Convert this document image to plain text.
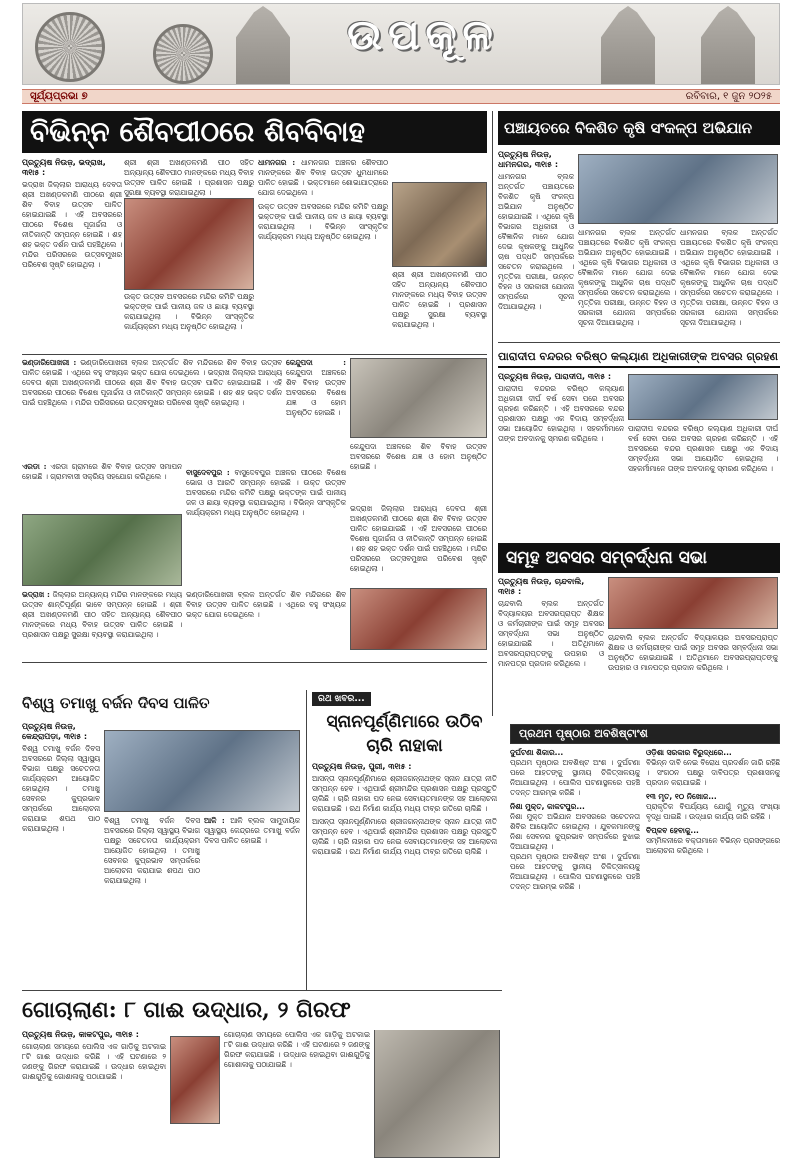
ଉପକୂଳ
ସୂର୍ଯ୍ୟପ୍ରଭା ୭	ରବିବାର, ୧ ଜୁନ ୨୦୨୫
ବିଭିନ୍ନ ଶୈବପୀଠରେ ଶିବବିବାହ
ପ୍ରତ୍ୟୁଷ ନିଉଜ଼, ଭଦ୍ରାଖ, ୩୧ା୫ :
ଭଦ୍ରାଖ ଜିଲ୍ଲାର ଆରାଧ୍ୟ ଦେବତା ଶ୍ରୀ ଅଖଣ୍ଡଳମଣି ପୀଠରେ ଶ୍ରୀ ଶିବ ବିବାହ ଉତ୍ସବ ପାଳିତ ହୋଇଯାଇଛି । ଏହି ଅବସରରେ ପୀଠରେ ବିଶେଷ ପୂଜାର୍ଚ୍ଚନା ଓ ନୀତିକାନ୍ତି ସମ୍ପନ୍ନ ହୋଇଛି । ଶହ ଶହ ଭକ୍ତ ଦର୍ଶନ ପାଇଁ ପହଞ୍ଚିଥିଲେ । ମନ୍ଦିର ପରିସରରେ ଉତ୍ସବମୁଖର ପରିବେଶ ସୃଷ୍ଟି ହୋଇଥିଲା ।
ଶ୍ରୀ ଶ୍ରୀ ଅଖଣ୍ଡଳମଣି ପୀଠ ସହିତ ଅନ୍ୟାନ୍ୟ ଶୈବପୀଠ ମାନଙ୍କରେ ମଧ୍ୟ ବିବାହ ଉତ୍ସବ ପାଳିତ ହୋଇଛି । ପ୍ରଶାସନ ପକ୍ଷରୁ ସୁରକ୍ଷା ବ୍ୟବସ୍ଥା କରାଯାଇଥିଲା ।
ଉକ୍ତ ଉତ୍ସବ ଅବସରରେ ମନ୍ଦିର କମିଟି ପକ୍ଷରୁ ଭକ୍ତଙ୍କ ପାଇଁ ପାନୀୟ ଜଳ ଓ ଛାୟା ବ୍ୟବସ୍ଥା କରାଯାଇଥିଲା । ବିଭିନ୍ନ ସାଂସ୍କୃତିକ କାର୍ଯ୍ୟକ୍ରମ ମଧ୍ୟ ଅନୁଷ୍ଠିତ ହୋଇଥିଲା ।
ଧାମନଗର : ଧାମନଗର ଅଞ୍ଚଳର ଶୈବପୀଠ ମାନଙ୍କରେ ଶିବ ବିବାହ ଉତ୍ସବ ଧୁମଧାମରେ ପାଳିତ ହୋଇଛି । ଭକ୍ତମାନେ ଶୋଭାଯାତ୍ରାରେ ଯୋଗ ଦେଇଥିଲେ ।
ଉକ୍ତ ଉତ୍ସବ ଅବସରରେ ମନ୍ଦିର କମିଟି ପକ୍ଷରୁ ଭକ୍ତଙ୍କ ପାଇଁ ପାନୀୟ ଜଳ ଓ ଛାୟା ବ୍ୟବସ୍ଥା କରାଯାଇଥିଲା । ବିଭିନ୍ନ ସାଂସ୍କୃତିକ କାର୍ଯ୍ୟକ୍ରମ ମଧ୍ୟ ଅନୁଷ୍ଠିତ ହୋଇଥିଲା ।
ଶ୍ରୀ ଶ୍ରୀ ଅଖଣ୍ଡଳମଣି ପୀଠ ସହିତ ଅନ୍ୟାନ୍ୟ ଶୈବପୀଠ ମାନଙ୍କରେ ମଧ୍ୟ ବିବାହ ଉତ୍ସବ ପାଳିତ ହୋଇଛି । ପ୍ରଶାସନ ପକ୍ଷରୁ ସୁରକ୍ଷା ବ୍ୟବସ୍ଥା କରାଯାଇଥିଲା ।
ଭଣ୍ଡାରିପୋଖରୀ : ଭଣ୍ଡାରିପୋଖରୀ ବ୍ଲକ ଅନ୍ତର୍ଗତ ଶିବ ମନ୍ଦିରରେ ଶିବ ବିବାହ ଉତ୍ସବ ପାଳିତ ହୋଇଛି । ଏଥିରେ ବହୁ ସଂଖ୍ୟକ ଭକ୍ତ ଯୋଗ ଦେଇଥିଲେ । ଭଦ୍ରାଖ ଜିଲ୍ଲାର ଆରାଧ୍ୟ ଦେବତା ଶ୍ରୀ ଅଖଣ୍ଡଳମଣି ପୀଠରେ ଶ୍ରୀ ଶିବ ବିବାହ ଉତ୍ସବ ପାଳିତ ହୋଇଯାଇଛି । ଏହି ଅବସରରେ ପୀଠରେ ବିଶେଷ ପୂଜାର୍ଚ୍ଚନା ଓ ନୀତିକାନ୍ତି ସମ୍ପନ୍ନ ହୋଇଛି । ଶହ ଶହ ଭକ୍ତ ଦର୍ଶନ ପାଇଁ ପହଞ୍ଚିଥିଲେ । ମନ୍ଦିର ପରିସରରେ ଉତ୍ସବମୁଖର ପରିବେଶ ସୃଷ୍ଟି ହୋଇଥିଲା ।
କେନ୍ଦୁପଦା : କେନ୍ଦୁପଦା ଅଞ୍ଚଳରେ ଶିବ ବିବାହ ଉତ୍ସବ ଅବସରରେ ବିଶେଷ ଯଜ୍ଞ ଓ ହୋମ ଅନୁଷ୍ଠିତ ହୋଇଛି ।
କେନ୍ଦୁପଦା ଅଞ୍ଚଳରେ ଶିବ ବିବାହ ଉତ୍ସବ ଅବସରରେ ବିଶେଷ ଯଜ୍ଞ ଓ ହୋମ ଅନୁଷ୍ଠିତ ହୋଇଛି ।
ଏରଡା : ଏରଡା ଗ୍ରାମରେ ଶିବ ବିବାହ ଉତ୍ସବ ସମାପନ ହୋଇଛି । ଗ୍ରାମବାସୀ ସକ୍ରିୟ ସହଯୋଗ କରିଥିଲେ ।
ଭଦ୍ରାଖ : ଜିଲ୍ଲାର ଅନ୍ୟାନ୍ୟ ମନ୍ଦିର ମାନଙ୍କରେ ମଧ୍ୟ ଉତ୍ସବ ଶାନ୍ତିପୂର୍ଣ୍ଣ ଭାବେ ସମ୍ପନ୍ନ ହୋଇଛି । ଶ୍ରୀ ଶ୍ରୀ ଅଖଣ୍ଡଳମଣି ପୀଠ ସହିତ ଅନ୍ୟାନ୍ୟ ଶୈବପୀଠ ମାନଙ୍କରେ ମଧ୍ୟ ବିବାହ ଉତ୍ସବ ପାଳିତ ହୋଇଛି । ପ୍ରଶାସନ ପକ୍ଷରୁ ସୁରକ୍ଷା ବ୍ୟବସ୍ଥା କରାଯାଇଥିଲା ।
ବାସୁଦେବପୁର : ବାସୁଦେବପୁର ଅଞ୍ଚଳର ପୀଠରେ ବିଶେଷ ଭୋଗ ଓ ଆରତି ସମ୍ପନ୍ନ ହୋଇଛି । ଉକ୍ତ ଉତ୍ସବ ଅବସରରେ ମନ୍ଦିର କମିଟି ପକ୍ଷରୁ ଭକ୍ତଙ୍କ ପାଇଁ ପାନୀୟ ଜଳ ଓ ଛାୟା ବ୍ୟବସ୍ଥା କରାଯାଇଥିଲା । ବିଭିନ୍ନ ସାଂସ୍କୃତିକ କାର୍ଯ୍ୟକ୍ରମ ମଧ୍ୟ ଅନୁଷ୍ଠିତ ହୋଇଥିଲା ।	ଭଦ୍ରାଖ ଜିଲ୍ଲାର ଆରାଧ୍ୟ ଦେବତା ଶ୍ରୀ ଅଖଣ୍ଡଳମଣି ପୀଠରେ ଶ୍ରୀ ଶିବ ବିବାହ ଉତ୍ସବ ପାଳିତ ହୋଇଯାଇଛି । ଏହି ଅବସରରେ ପୀଠରେ ବିଶେଷ ପୂଜାର୍ଚ୍ଚନା ଓ ନୀତିକାନ୍ତି ସମ୍ପନ୍ନ ହୋଇଛି । ଶହ ଶହ ଭକ୍ତ ଦର୍ଶନ ପାଇଁ ପହଞ୍ଚିଥିଲେ । ମନ୍ଦିର ପରିସରରେ ଉତ୍ସବମୁଖର ପରିବେଶ ସୃଷ୍ଟି ହୋଇଥିଲା ।
ଭଣ୍ଡାରିପୋଖରୀ ବ୍ଲକ ଅନ୍ତର୍ଗତ ଶିବ ମନ୍ଦିରରେ ଶିବ ବିବାହ ଉତ୍ସବ ପାଳିତ ହୋଇଛି । ଏଥିରେ ବହୁ ସଂଖ୍ୟକ ଭକ୍ତ ଯୋଗ ଦେଇଥିଲେ ।
ପଞ୍ଚାୟତରେ ବିକଶିତ କୃଷି ସଂକଳ୍ପ ଅଭିଯାନ
ପ୍ରତ୍ୟୁଷ ନିଉଜ଼, ଧାମନଗର, ୩୧ା୫ :
ଧାମନଗର ବ୍ଲକ ଅନ୍ତର୍ଗତ ପଞ୍ଚାୟତରେ ବିକଶିତ କୃଷି ସଂକଳ୍ପ ଅଭିଯାନ ଅନୁଷ୍ଠିତ ହୋଇଯାଇଛି । ଏଥିରେ କୃଷି ବିଭାଗର ଅଧିକାରୀ ଓ ବୈଜ୍ଞାନିକ ମାନେ ଯୋଗ ଦେଇ କୃଷକଙ୍କୁ ଆଧୁନିକ ଚାଷ ପଦ୍ଧତି ସମ୍ପର୍କରେ ସଚେତନ କରାଇଥିଲେ । ମୃତ୍ତିକା ପରୀକ୍ଷା, ଉନ୍ନତ ବିହନ ଓ ସରକାରୀ ଯୋଜନା ସମ୍ପର୍କରେ ସୂଚନା ଦିଆଯାଇଥିଲା ।
ଧାମନଗର ବ୍ଲକ ଅନ୍ତର୍ଗତ ପଞ୍ଚାୟତରେ ବିକଶିତ କୃଷି ସଂକଳ୍ପ ଅଭିଯାନ ଅନୁଷ୍ଠିତ ହୋଇଯାଇଛି । ଏଥିରେ କୃଷି ବିଭାଗର ଅଧିକାରୀ ଓ ବୈଜ୍ଞାନିକ ମାନେ ଯୋଗ ଦେଇ କୃଷକଙ୍କୁ ଆଧୁନିକ ଚାଷ ପଦ୍ଧତି ସମ୍ପର୍କରେ ସଚେତନ କରାଇଥିଲେ । ମୃତ୍ତିକା ପରୀକ୍ଷା, ଉନ୍ନତ ବିହନ ଓ ସରକାରୀ ଯୋଜନା ସମ୍ପର୍କରେ ସୂଚନା ଦିଆଯାଇଥିଲା ।
ଧାମନଗର ବ୍ଲକ ଅନ୍ତର୍ଗତ ପଞ୍ଚାୟତରେ ବିକଶିତ କୃଷି ସଂକଳ୍ପ ଅଭିଯାନ ଅନୁଷ୍ଠିତ ହୋଇଯାଇଛି । ଏଥିରେ କୃଷି ବିଭାଗର ଅଧିକାରୀ ଓ ବୈଜ୍ଞାନିକ ମାନେ ଯୋଗ ଦେଇ କୃଷକଙ୍କୁ ଆଧୁନିକ ଚାଷ ପଦ୍ଧତି ସମ୍ପର୍କରେ ସଚେତନ କରାଇଥିଲେ । ମୃତ୍ତିକା ପରୀକ୍ଷା, ଉନ୍ନତ ବିହନ ଓ ସରକାରୀ ଯୋଜନା ସମ୍ପର୍କରେ ସୂଚନା ଦିଆଯାଇଥିଲା ।
ପାରାଦୀପ ବନ୍ଦରର ବରିଷ୍ଠ କଲ୍ୟାଣ ଅଧିକାରୀଙ୍କ ଅବସର ଗ୍ରହଣ
ପ୍ରତ୍ୟୁଷ ନିଉଜ଼, ପାରାଦୀପ, ୩୧ା୫ :
ପାରାଦୀପ ବନ୍ଦରର ବରିଷ୍ଠ କଲ୍ୟାଣ ଅଧିକାରୀ ଦୀର୍ଘ ବର୍ଷ ସେବା ପରେ ଅବସର ଗ୍ରହଣ କରିଛନ୍ତି । ଏହି ଅବସରରେ ବନ୍ଦର ପ୍ରଶାସନ ପକ୍ଷରୁ ଏକ ବିଦାୟ ସମ୍ବର୍ଦ୍ଧନା ସଭା ଆୟୋଜିତ ହୋଇଥିଲା । ସହକର୍ମୀମାନେ ତାଙ୍କ ଅବଦାନକୁ ସ୍ମରଣ କରିଥିଲେ ।
ପାରାଦୀପ ବନ୍ଦରର ବରିଷ୍ଠ କଲ୍ୟାଣ ଅଧିକାରୀ ଦୀର୍ଘ ବର୍ଷ ସେବା ପରେ ଅବସର ଗ୍ରହଣ କରିଛନ୍ତି । ଏହି ଅବସରରେ ବନ୍ଦର ପ୍ରଶାସନ ପକ୍ଷରୁ ଏକ ବିଦାୟ ସମ୍ବର୍ଦ୍ଧନା ସଭା ଆୟୋଜିତ ହୋଇଥିଲା । ସହକର୍ମୀମାନେ ତାଙ୍କ ଅବଦାନକୁ ସ୍ମରଣ କରିଥିଲେ ।
ସମୂହ ଅବସର ସମ୍ବର୍ଦ୍ଧନା ସଭା
ପ୍ରତ୍ୟୁଷ ନିଉଜ଼, ଚାନ୍ଦବାଲି, ୩୧ା୫ :
ଚାନ୍ଦବାଲି ବ୍ଲକ ଅନ୍ତର୍ଗତ ବିଦ୍ୟାଳୟର ଅବସରପ୍ରାପ୍ତ ଶିକ୍ଷକ ଓ କର୍ମଚାରୀଙ୍କ ପାଇଁ ସମୂହ ଅବସର ସମ୍ବର୍ଦ୍ଧନା ସଭା ଅନୁଷ୍ଠିତ ହୋଇଯାଇଛି । ଅତିଥିମାନେ ଅବସରପ୍ରାପ୍ତଙ୍କୁ ଉପହାର ଓ ମାନପତ୍ର ପ୍ରଦାନ କରିଥିଲେ ।
ଚାନ୍ଦବାଲି ବ୍ଲକ ଅନ୍ତର୍ଗତ ବିଦ୍ୟାଳୟର ଅବସରପ୍ରାପ୍ତ ଶିକ୍ଷକ ଓ କର୍ମଚାରୀଙ୍କ ପାଇଁ ସମୂହ ଅବସର ସମ୍ବର୍ଦ୍ଧନା ସଭା ଅନୁଷ୍ଠିତ ହୋଇଯାଇଛି । ଅତିଥିମାନେ ଅବସରପ୍ରାପ୍ତଙ୍କୁ ଉପହାର ଓ ମାନପତ୍ର ପ୍ରଦାନ କରିଥିଲେ ।
ବିଶ୍ୱ ତମାଖୁ ବର୍ଜନ ଦିବସ ପାଳିତ
ପ୍ରତ୍ୟୁଷ ନିଉଜ଼, କେନ୍ଦ୍ରାପଡ଼ା, ୩୧ା୫ :
ବିଶ୍ୱ ତମାଖୁ ବର୍ଜନ ଦିବସ ଅବସରରେ ଜିଲ୍ଲା ସ୍ୱାସ୍ଥ୍ୟ ବିଭାଗ ପକ୍ଷରୁ ସଚେତନତା କାର୍ଯ୍ୟକ୍ରମ ଆୟୋଜିତ ହୋଇଥିଲା । ତମାଖୁ ସେବନର କୁପ୍ରଭାବ ସମ୍ପର୍କରେ ଆଲୋଚନା କରାଯାଇ ଶପଥ ପାଠ କରାଯାଇଥିଲା ।
ବିଶ୍ୱ ତମାଖୁ ବର୍ଜନ ଦିବସ ଅବସରରେ ଜିଲ୍ଲା ସ୍ୱାସ୍ଥ୍ୟ ବିଭାଗ ପକ୍ଷରୁ ସଚେତନତା କାର୍ଯ୍ୟକ୍ରମ ଆୟୋଜିତ ହୋଇଥିଲା । ତମାଖୁ ସେବନର କୁପ୍ରଭାବ ସମ୍ପର୍କରେ ଆଲୋଚନା କରାଯାଇ ଶପଥ ପାଠ କରାଯାଇଥିଲା ।
ଆଳି : ଆଳି ବ୍ଲକ ସାମୁଦାୟିକ ସ୍ୱାସ୍ଥ୍ୟ କେନ୍ଦ୍ରରେ ତମାଖୁ ବର୍ଜନ ଦିବସ ପାଳିତ ହୋଇଛି ।
ରଥ ଖବର...
ସ୍ନାନପୂର୍ଣ୍ଣିମାରେ ଉଠିବ
ଚାରି ନାହାକା
ପ୍ରତ୍ୟୁଷ ନିଉଜ଼, ପୁରୀ, ୩୧ା୫ :
ଆସନ୍ତା ସ୍ନାନପୂର୍ଣ୍ଣିମାରେ ଶ୍ରୀଜଗନ୍ନାଥଙ୍କ ସ୍ନାନ ଯାତ୍ରା ନୀତି ସମ୍ପନ୍ନ ହେବ । ଏଥିପାଇଁ ଶ୍ରୀମନ୍ଦିର ପ୍ରଶାସନ ପକ୍ଷରୁ ପ୍ରସ୍ତୁତି ଚାଲିଛି । ଚାରି ନାହାକା ପଦ ନେଇ ସେବାୟତମାନଙ୍କ ସହ ଆଲୋଚନା କରାଯାଇଛି । ରଥ ନିର୍ମାଣ କାର୍ଯ୍ୟ ମଧ୍ୟ ତୀବ୍ର ଗତିରେ ଚାଲିଛି ।
ଆସନ୍ତା ସ୍ନାନପୂର୍ଣ୍ଣିମାରେ ଶ୍ରୀଜଗନ୍ନାଥଙ୍କ ସ୍ନାନ ଯାତ୍ରା ନୀତି ସମ୍ପନ୍ନ ହେବ । ଏଥିପାଇଁ ଶ୍ରୀମନ୍ଦିର ପ୍ରଶାସନ ପକ୍ଷରୁ ପ୍ରସ୍ତୁତି ଚାଲିଛି । ଚାରି ନାହାକା ପଦ ନେଇ ସେବାୟତମାନଙ୍କ ସହ ଆଲୋଚନା କରାଯାଇଛି । ରଥ ନିର୍ମାଣ କାର୍ଯ୍ୟ ମଧ୍ୟ ତୀବ୍ର ଗତିରେ ଚାଲିଛି ।
ପ୍ରଥମ ପୃଷ୍ଠାର ଅବଶିଷ୍ଟାଂଶ
ଦୁର୍ଘଟଣା ଶିକାର...
ପ୍ରଥମ ପୃଷ୍ଠାର ଅବଶିଷ୍ଟ ଅଂଶ । ଦୁର୍ଘଟଣା ପରେ ଆହତଙ୍କୁ ସ୍ଥାନୀୟ ଚିକିତ୍ସାଳୟକୁ ନିଆଯାଇଥିଲା । ପୋଲିସ ଘଟଣାସ୍ଥଳରେ ପହଞ୍ଚି ତଦନ୍ତ ଆରମ୍ଭ କରିଛି ।
ନିଶା ମୁକ୍ତ, କାକଟପୁର...
ନିଶା ମୁକ୍ତ ଅଭିଯାନ ଅବସରରେ ସଚେତନତା ଶିବିର ଆୟୋଜିତ ହୋଇଥିଲା । ଯୁବକମାନଙ୍କୁ ନିଶା ସେବନର କୁପ୍ରଭାବ ସମ୍ପର୍କରେ ବୁଝାଇ ଦିଆଯାଇଥିଲା ।
ପ୍ରଥମ ପୃଷ୍ଠାର ଅବଶିଷ୍ଟ ଅଂଶ । ଦୁର୍ଘଟଣା ପରେ ଆହତଙ୍କୁ ସ୍ଥାନୀୟ ଚିକିତ୍ସାଳୟକୁ ନିଆଯାଇଥିଲା । ପୋଲିସ ଘଟଣାସ୍ଥଳରେ ପହଞ୍ଚି ତଦନ୍ତ ଆରମ୍ଭ କରିଛି ।
ଓଡ଼ିଶା ସରକାର ବିରୁଦ୍ଧରେ...
ବିଭିନ୍ନ ଦାବି ନେଇ ବିରୋଧ ପ୍ରଦର୍ଶନ ଜାରି ରହିଛି । ସଂଗଠନ ପକ୍ଷରୁ ଦାବିପତ୍ର ପ୍ରଶାସନକୁ ପ୍ରଦାନ କରାଯାଇଛି ।
୧୩ ମୃତ, ୧୦ ନିଖୋଜ...
ପ୍ରାକୃତିକ ବିପର୍ଯ୍ୟୟ ଯୋଗୁଁ ମୃତ୍ୟୁ ସଂଖ୍ୟା ବୃଦ୍ଧି ପାଇଛି । ଉଦ୍ଧାର କାର୍ଯ୍ୟ ଜାରି ରହିଛି ।
ବିପ୍ଳବ ହେବାକୁ...
ସମ୍ମିଳନୀରେ ବକ୍ତାମାନେ ବିଭିନ୍ନ ପ୍ରସଙ୍ଗରେ ଆଲୋଚନା କରିଥିଲେ ।
ଗୋଚାଲାଣ: ୮ ଗାଈ ଉଦ୍ଧାର, ୨ ଗିରଫ
ପ୍ରତ୍ୟୁଷ ନିଉଜ଼, କାକଟପୁର, ୩୧ା୫ :
ଗୋଚାଲାଣ ସମୟରେ ପୋଲିସ ଏକ ଗାଡ଼ିକୁ ଅଟକାଇ ୮ଟି ଗାଈ ଉଦ୍ଧାର କରିଛି । ଏହି ଘଟଣାରେ ୨ ଜଣଙ୍କୁ ଗିରଫ କରାଯାଇଛି । ଉଦ୍ଧାର ହୋଇଥିବା ଗାଈଗୁଡ଼ିକୁ ଗୋଶାଳାକୁ ପଠାଯାଇଛି ।
ଗୋଚାଲାଣ ସମୟରେ ପୋଲିସ ଏକ ଗାଡ଼ିକୁ ଅଟକାଇ ୮ଟି ଗାଈ ଉଦ୍ଧାର କରିଛି । ଏହି ଘଟଣାରେ ୨ ଜଣଙ୍କୁ ଗିରଫ କରାଯାଇଛି । ଉଦ୍ଧାର ହୋଇଥିବା ଗାଈଗୁଡ଼ିକୁ ଗୋଶାଳାକୁ ପଠାଯାଇଛି ।
